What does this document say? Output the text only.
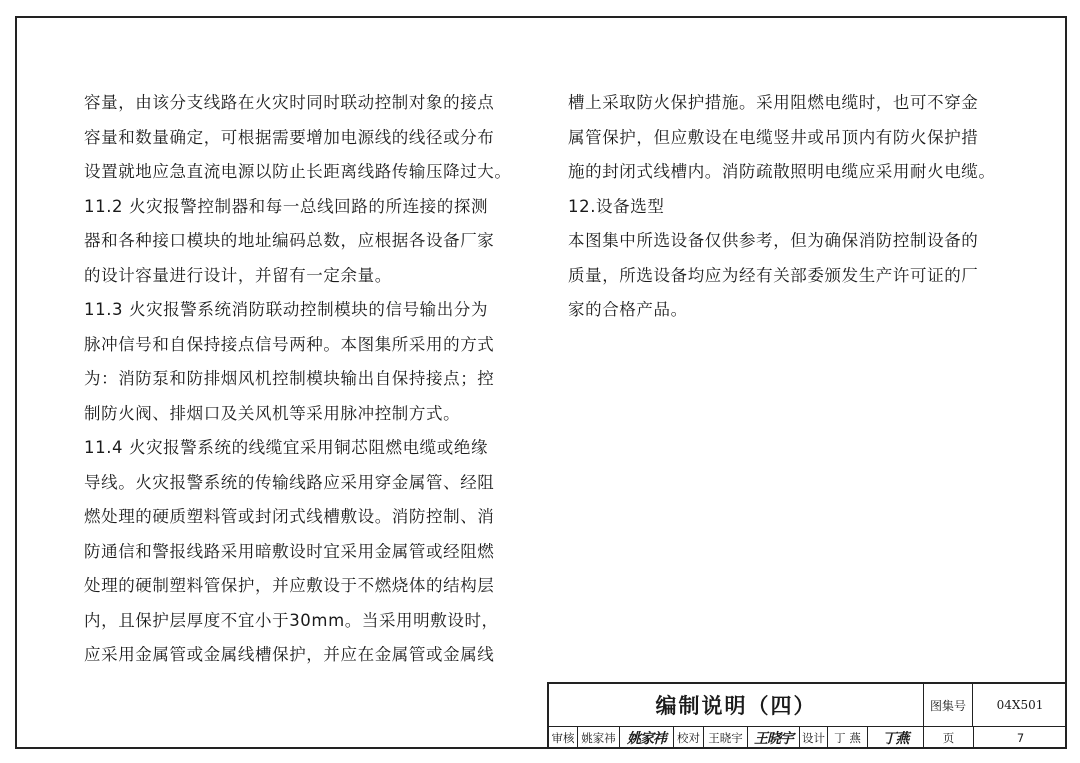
容量，由该分支线路在火灾时同时联动控制对象的接点

容量和数量确定，可根据需要增加电源线的线径或分布

设置就地应急直流电源以防止长距离线路传输压降过大。

11.2 火灾报警控制器和每一总线回路的所连接的探测

器和各种接口模块的地址编码总数，应根据各设备厂家

的设计容量进行设计，并留有一定余量。

11.3 火灾报警系统消防联动控制模块的信号输出分为

脉冲信号和自保持接点信号两种。本图集所采用的方式

为：消防泵和防排烟风机控制模块输出自保持接点；控

制防火阀、排烟口及关风机等采用脉冲控制方式。

11.4 火灾报警系统的线缆宜采用铜芯阻燃电缆或绝缘

导线。火灾报警系统的传输线路应采用穿金属管、经阻

燃处理的硬质塑料管或封闭式线槽敷设。消防控制、消

防通信和警报线路采用暗敷设时宜采用金属管或经阻燃

处理的硬制塑料管保护，并应敷设于不燃烧体的结构层

内，且保护层厚度不宜小于30mm。当采用明敷设时，

应采用金属管或金属线槽保护，并应在金属管或金属线

槽上采取防火保护措施。采用阻燃电缆时，也可不穿金

属管保护，但应敷设在电缆竖井或吊顶内有防火保护措

施的封闭式线槽内。消防疏散照明电缆应采用耐火电缆。

12.设备选型

本图集中所选设备仅供参考，但为确保消防控制设备的

质量，所选设备均应为经有关部委颁发生产许可证的厂

家的合格产品。

编制说明（四）	图集号	04X501
审核 姚家祎 姚家祎 校对 王晓宇 王晓宇 设计 丁 燕	丁燕	页	7
